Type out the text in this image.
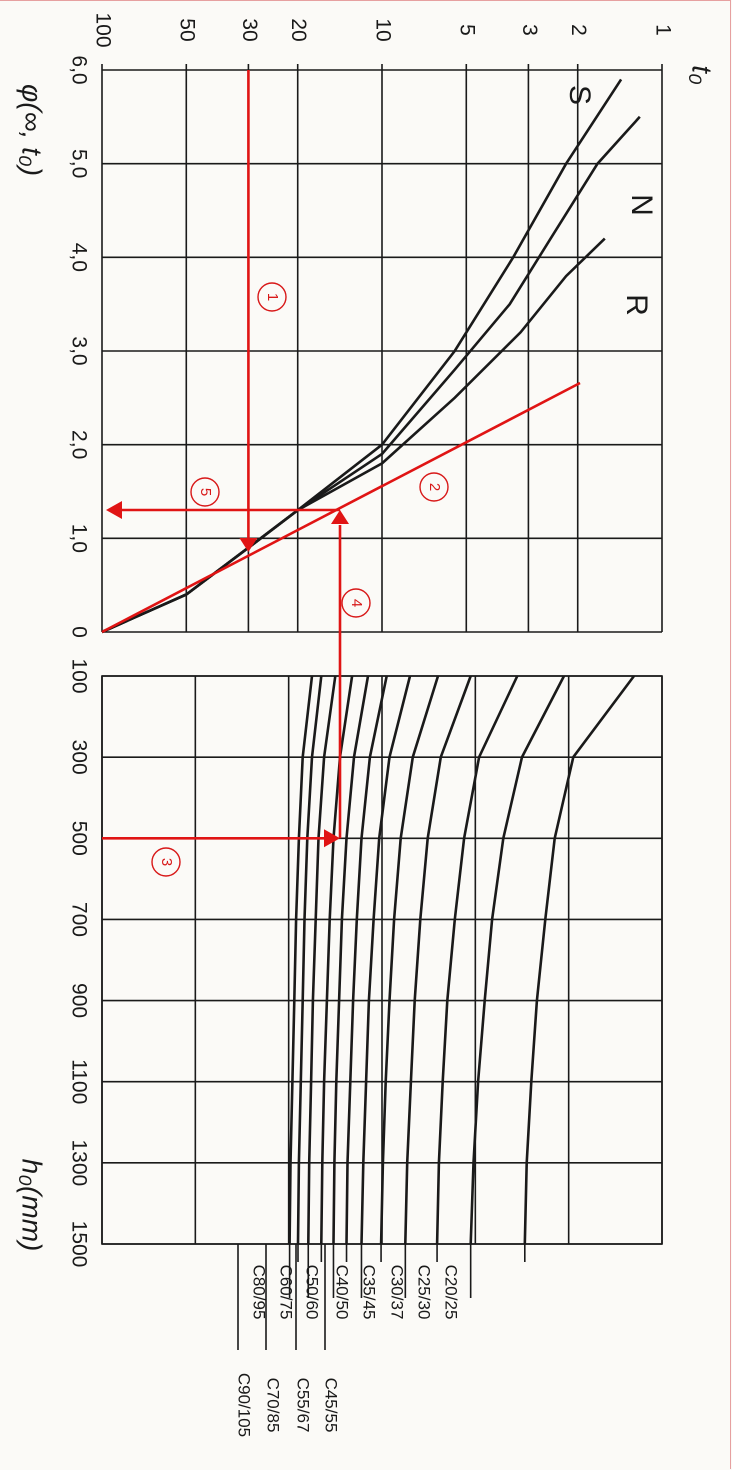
1
2
3
5
10
20
30
50
100
6,0
5,0
4,0
3,0
2,0
1,0
0
t₀
φ(∞, t₀)	S
N
R
100
300
500
700
900
1100
1300
1500
h₀(mm)
C20/25
C25/30
C30/37
C35/45
C40/50
C50/60
C60/75
C80/95
C45/55
C55/67
C70/85
C90/105
1
2
3
4
5
